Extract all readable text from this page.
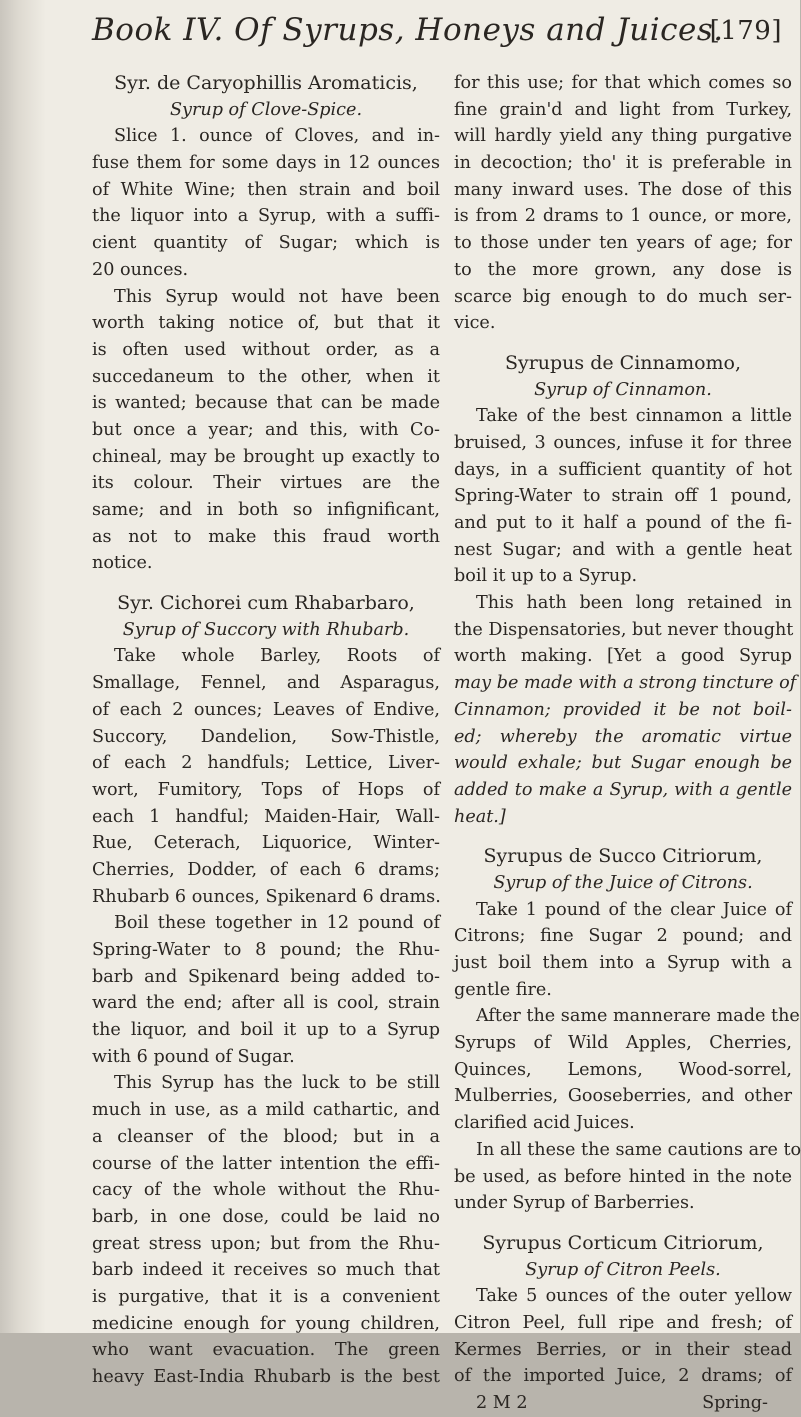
Book IV. Of Syrups, Honeys and Juices.
[179]
Syr. de Caryophillis Aromaticis,
Syrup of Clove-Spice.
Slice 1. ounce of Cloves, and in-
fuse them for some days in 12 ounces
of White Wine; then strain and boil
the liquor into a Syrup, with a suffi-
cient quantity of Sugar; which is
20 ounces.
This Syrup would not have been
worth taking notice of, but that it
is often used without order, as a
succedaneum to the other, when it
is wanted; because that can be made
but once a year; and this, with Co-
chineal, may be brought up exactly to
its colour. Their virtues are the
same; and in both so infignificant,
as not to make this fraud worth
notice.
Syr. Cichorei cum Rhabarbaro,
Syrup of Succory with Rhubarb.
Take whole Barley, Roots of
Smallage, Fennel, and Asparagus,
of each 2 ounces; Leaves of Endive,
Succory, Dandelion, Sow-Thistle,
of each 2 handfuls; Lettice, Liver-
wort, Fumitory, Tops of Hops of
each 1 handful; Maiden-Hair, Wall-
Rue, Ceterach, Liquorice, Winter-
Cherries, Dodder, of each 6 drams;
Rhubarb 6 ounces, Spikenard 6 drams.
Boil these together in 12 pound of
Spring-Water to 8 pound; the Rhu-
barb and Spikenard being added to-
ward the end; after all is cool, strain
the liquor, and boil it up to a Syrup
with 6 pound of Sugar.
This Syrup has the luck to be still
much in use, as a mild cathartic, and
a cleanser of the blood; but in a
course of the latter intention the effi-
cacy of the whole without the Rhu-
barb, in one dose, could be laid no
great stress upon; but from the Rhu-
barb indeed it receives so much that
is purgative, that it is a convenient
medicine enough for young children,
who want evacuation. The green
heavy East-India Rhubarb is the best
for this use; for that which comes so
fine grain'd and light from Turkey,
will hardly yield any thing purgative
in decoction; tho' it is preferable in
many inward uses. The dose of this
is from 2 drams to 1 ounce, or more,
to those under ten years of age; for
to the more grown, any dose is
scarce big enough to do much ser-
vice.
Syrupus de Cinnamomo,
Syrup of Cinnamon.
Take of the best cinnamon a little
bruised, 3 ounces, infuse it for three
days, in a sufficient quantity of hot
Spring-Water to strain off 1 pound,
and put to it half a pound of the fi-
nest Sugar; and with a gentle heat
boil it up to a Syrup.
This hath been long retained in
the Dispensatories, but never thought
worth making. [Yet a good Syrup
may be made with a strong tincture of
Cinnamon; provided it be not boil-
ed; whereby the aromatic virtue
would exhale; but Sugar enough be
added to make a Syrup, with a gentle
heat.]
Syrupus de Succo Citriorum,
Syrup of the Juice of Citrons.
Take 1 pound of the clear Juice of
Citrons; fine Sugar 2 pound; and
just boil them into a Syrup with a
gentle fire.
After the same mannerare made the
Syrups of Wild Apples, Cherries,
Quinces, Lemons, Wood-sorrel,
Mulberries, Gooseberries, and other
clarified acid Juices.
In all these the same cautions are to
be used, as before hinted in the note
under Syrup of Barberries.
Syrupus Corticum Citriorum,
Syrup of Citron Peels.
Take 5 ounces of the outer yellow
Citron Peel, full ripe and fresh; of
Kermes Berries, or in their stead
of the imported Juice, 2 drams; of
2 M 2	Spring-
